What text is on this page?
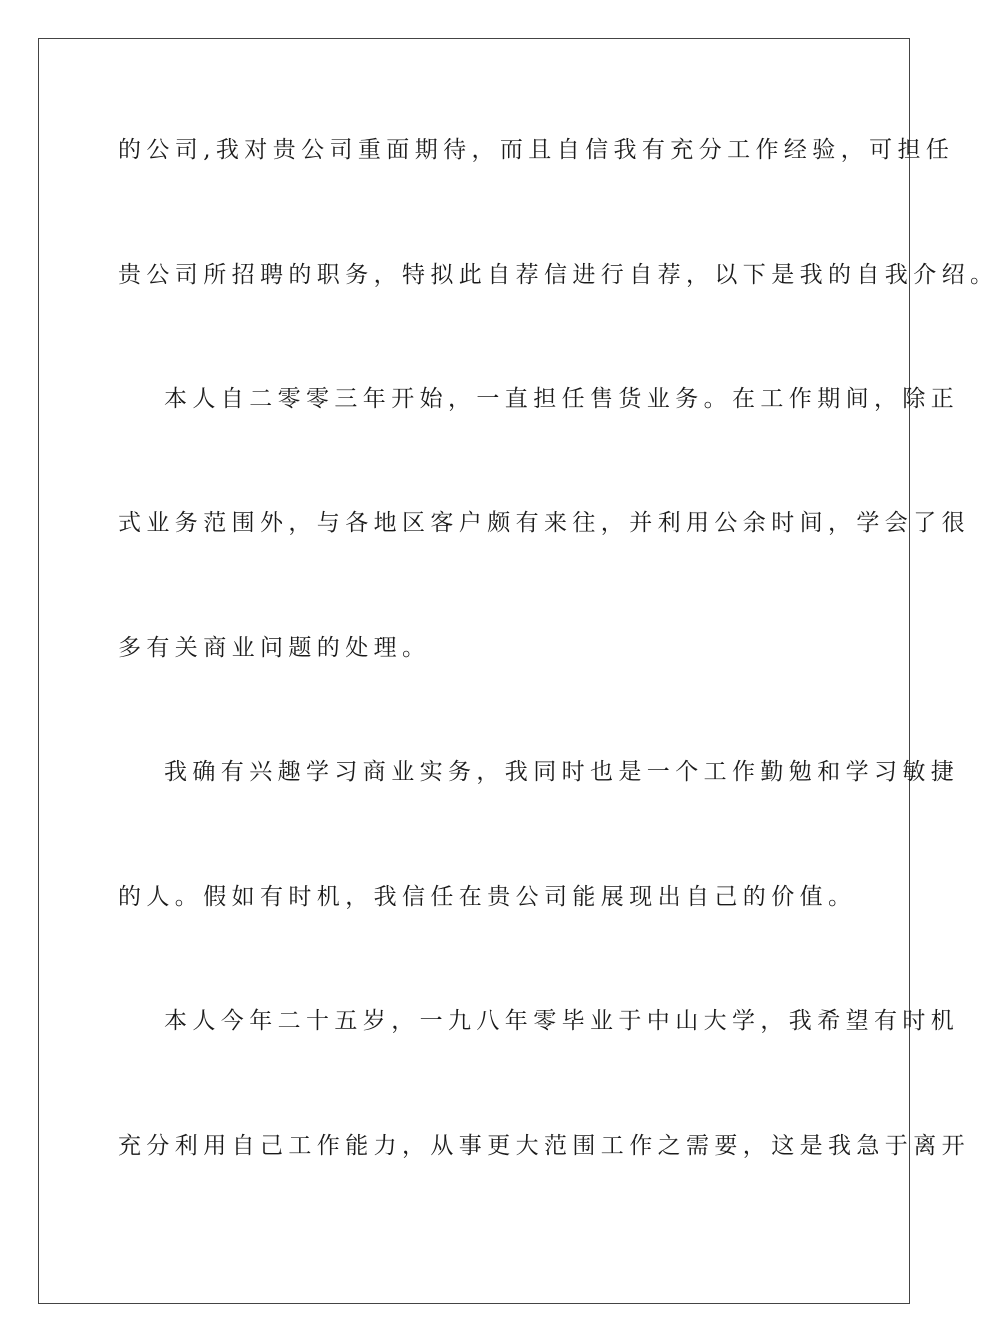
的公司,我对贵公司重面期待，而且自信我有充分工作经验，可担任
贵公司所招聘的职务，特拟此自荐信进行自荐，以下是我的自我介绍。
本人自二零零三年开始，一直担任售货业务。在工作期间，除正
式业务范围外，与各地区客户颇有来往，并利用公余时间，学会了很
多有关商业问题的处理。
我确有兴趣学习商业实务，我同时也是一个工作勤勉和学习敏捷
的人。假如有时机，我信任在贵公司能展现出自己的价值。
本人今年二十五岁，一九八年零毕业于中山大学，我希望有时机
充分利用自己工作能力，从事更大范围工作之需要，这是我急于离开
